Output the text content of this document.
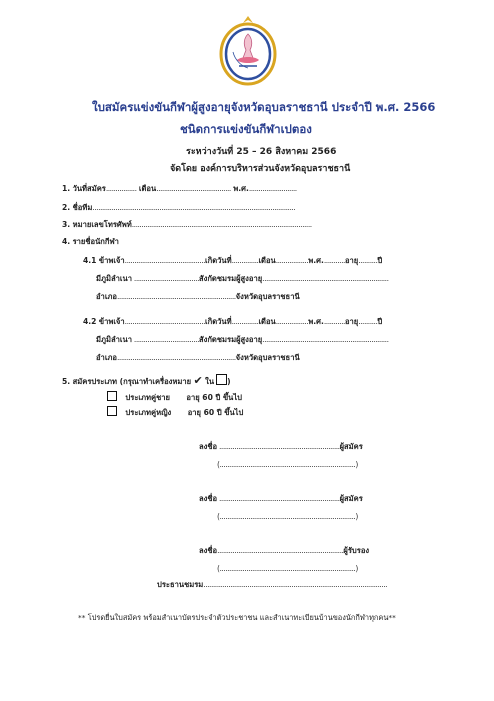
ใบสมัครแข่งขันกีฬาผู้สูงอายุจังหวัดอุบลราชธานี ประจำปี พ.ศ. 2566
ชนิดการแข่งขันกีฬาเปตอง
ระหว่างวันที่ 25 – 26 สิงหาคม 2566
จัดโดย องค์การบริหารส่วนจังหวัดอุบลราชธานี
1. วันที่สมัคร................ เดือน....................................... พ.ศ..........................
2. ชื่อทีม..........................................................................................................
3. หมายเลขโทรศัพท์..............................................................................................
4. รายชื่อนักกีฬา
4.1 ข้าพเจ้า..........................................เกิดวันที่..............เดือน.................พ.ศ............อายุ..........ปี
มีภูมิลำเนา ..................................สังกัดชมรมผู้สูงอายุ..................................................................
อำเภอ..............................................................จังหวัดอุบลราชธานี
4.2 ข้าพเจ้า..........................................เกิดวันที่..............เดือน.................พ.ศ............อายุ..........ปี
มีภูมิลำเนา ..................................สังกัดชมรมผู้สูงอายุ..................................................................
อำเภอ..............................................................จังหวัดอุบลราชธานี
5. สมัครประเภท (กรุณาทำเครื่องหมาย ✔ ใน )
ประเภทคู่ชาย อายุ 60 ปี ขึ้นไป
ประเภทคู่หญิง อายุ 60 ปี ขึ้นไป
ลงชื่อ ...............................................................ผู้สมัคร
(.......................................................................)
ลงชื่อ ...............................................................ผู้สมัคร
(.......................................................................)
ลงชื่อ..................................................................ผู้รับรอง
(.......................................................................)
ประธานชมรม................................................................................................
** โปรดยื่นใบสมัคร พร้อมสำเนาบัตรประจำตัวประชาชน และสำเนาทะเบียนบ้านของนักกีฬาทุกคน**
